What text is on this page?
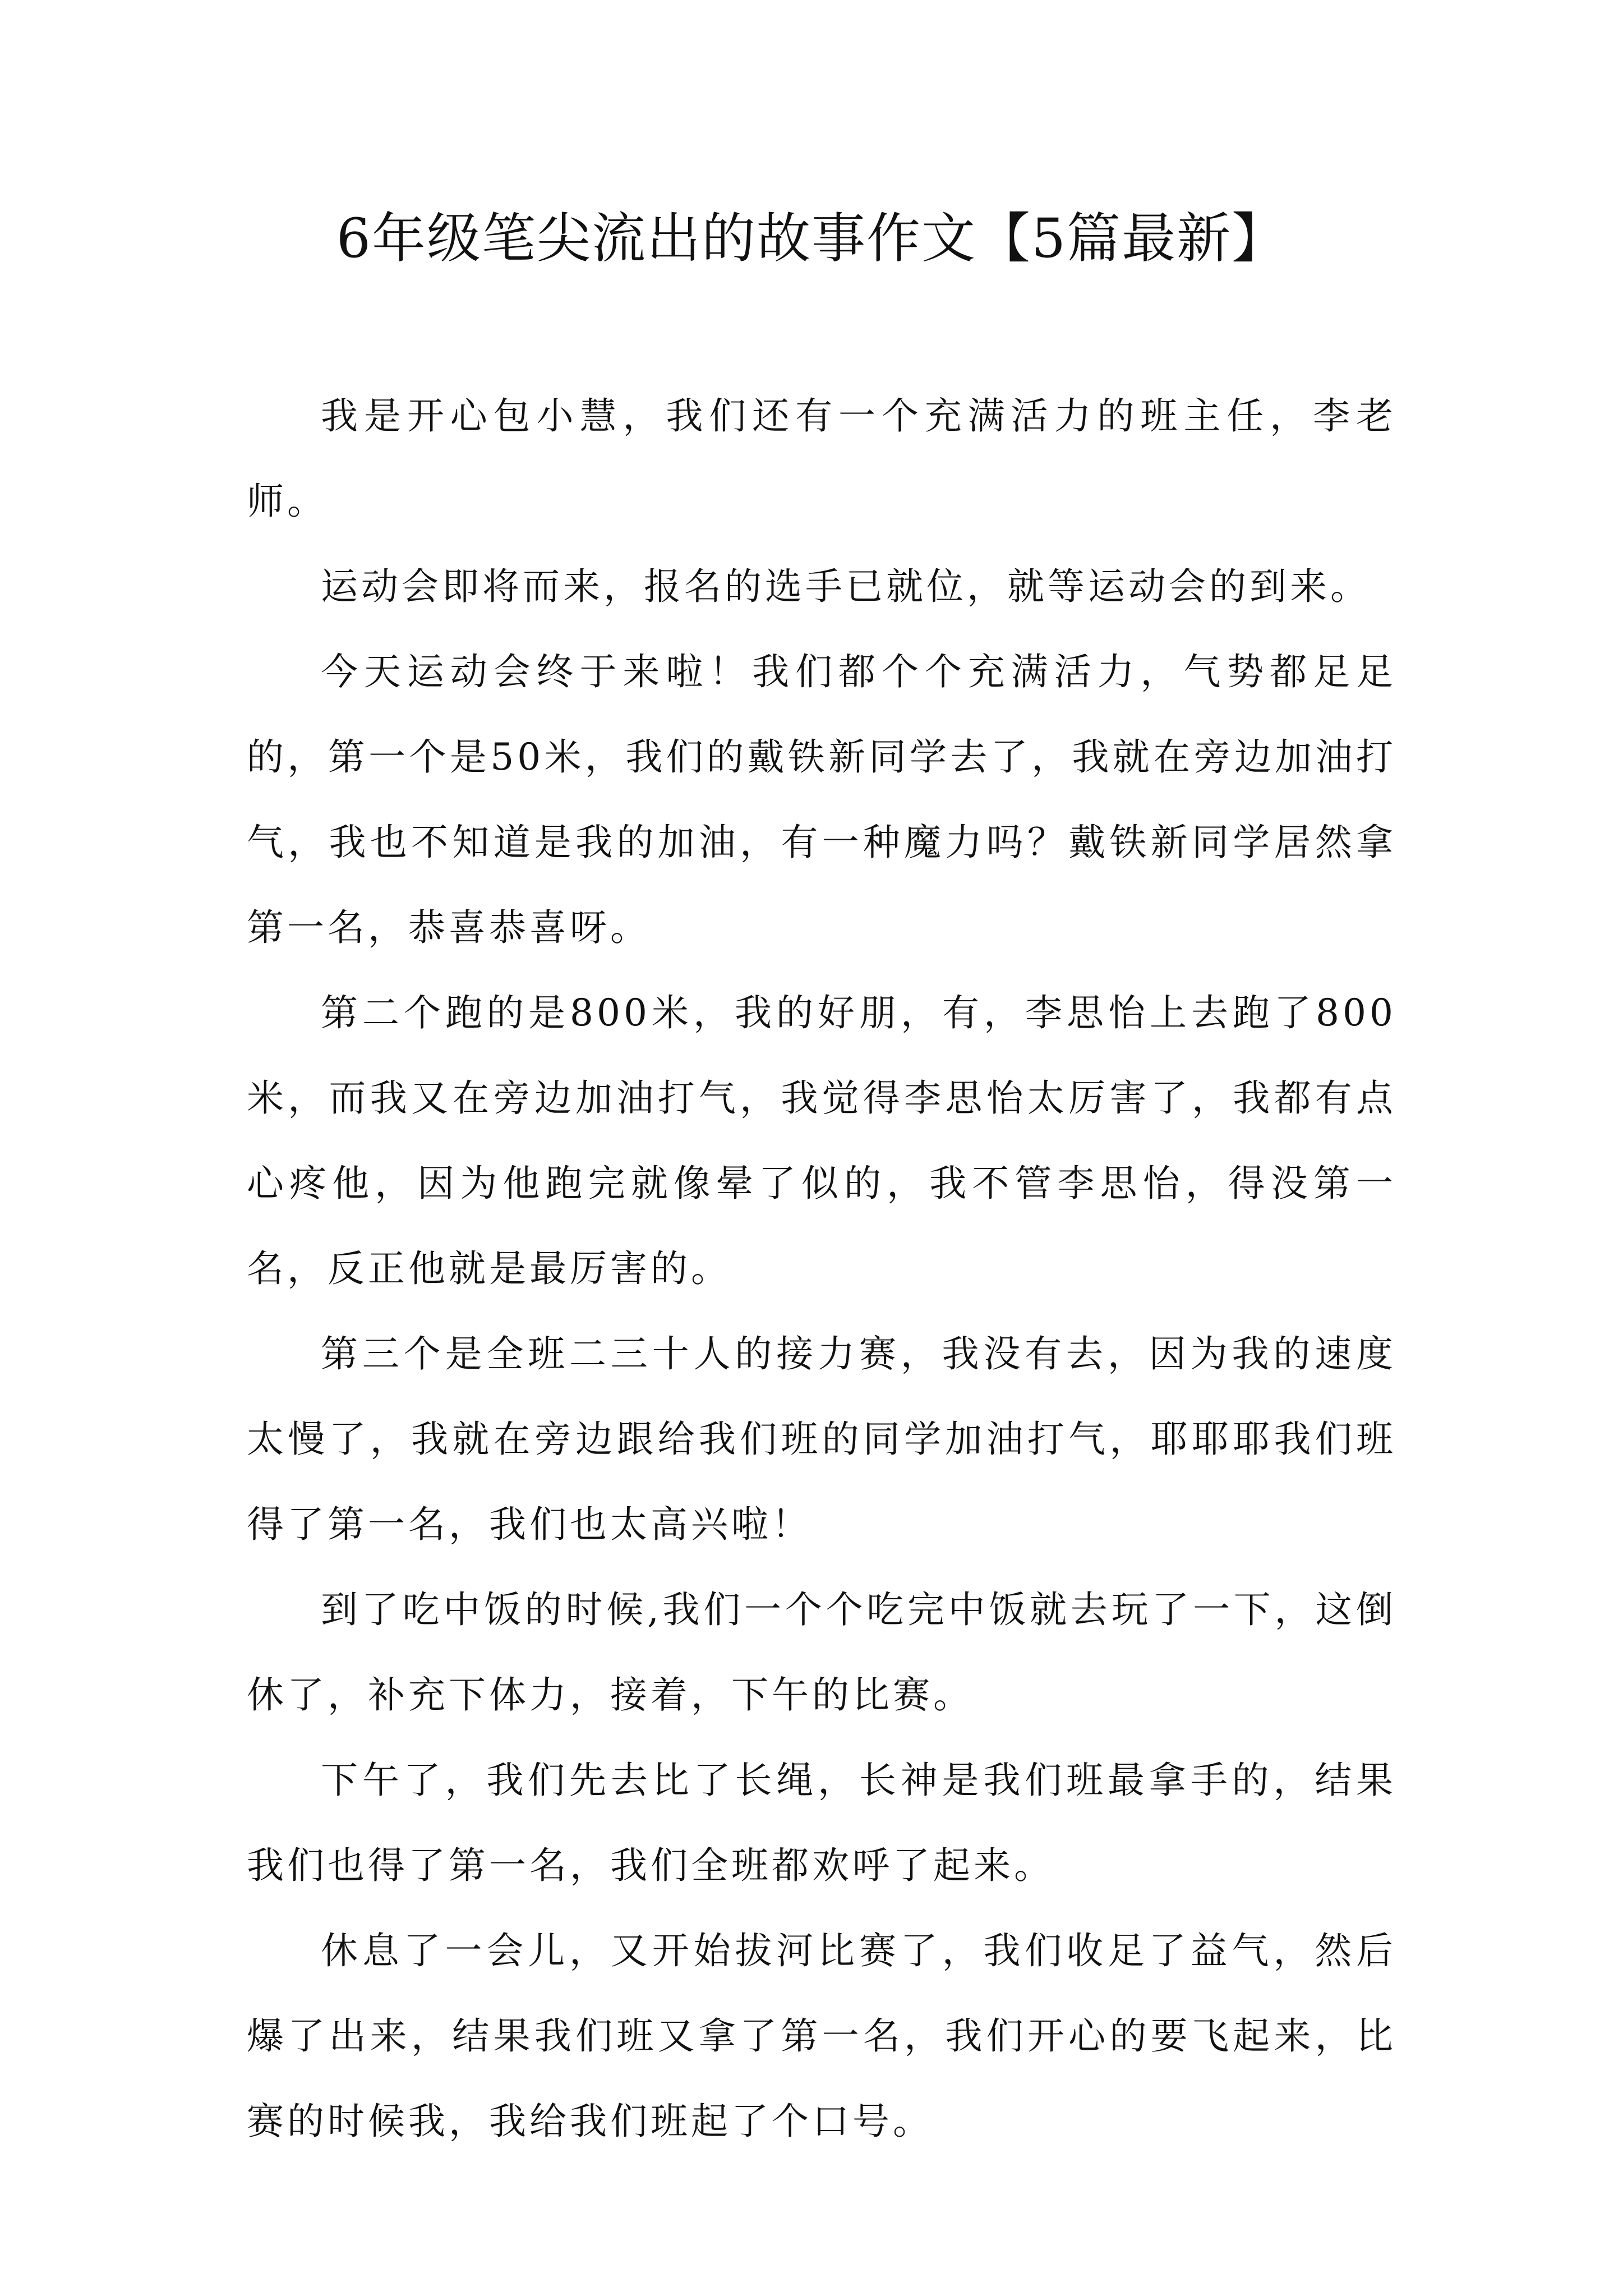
6年级笔尖流出的故事作文【5篇最新】

我是开心包小慧，我们还有一个充满活力的班主任，李老师。

运动会即将而来，报名的选手已就位，就等运动会的到来。

今天运动会终于来啦！我们都个个充满活力，气势都足足的，第一个是50米，我们的戴铁新同学去了，我就在旁边加油打气，我也不知道是我的加油，有一种魔力吗？戴铁新同学居然拿第一名，恭喜恭喜呀。

第二个跑的是800米，我的好朋，有，李思怡上去跑了800米，而我又在旁边加油打气，我觉得李思怡太厉害了，我都有点心疼他，因为他跑完就像晕了似的，我不管李思怡，得没第一名，反正他就是最厉害的。

第三个是全班二三十人的接力赛，我没有去，因为我的速度太慢了，我就在旁边跟给我们班的同学加油打气，耶耶耶我们班得了第一名，我们也太高兴啦！

到了吃中饭的时候,我们一个个吃完中饭就去玩了一下，这倒休了，补充下体力，接着，下午的比赛。

下午了，我们先去比了长绳，长神是我们班最拿手的，结果我们也得了第一名，我们全班都欢呼了起来。

休息了一会儿，又开始拔河比赛了，我们收足了益气，然后爆了出来，结果我们班又拿了第一名，我们开心的要飞起来，比赛的时候我，我给我们班起了个口号。
